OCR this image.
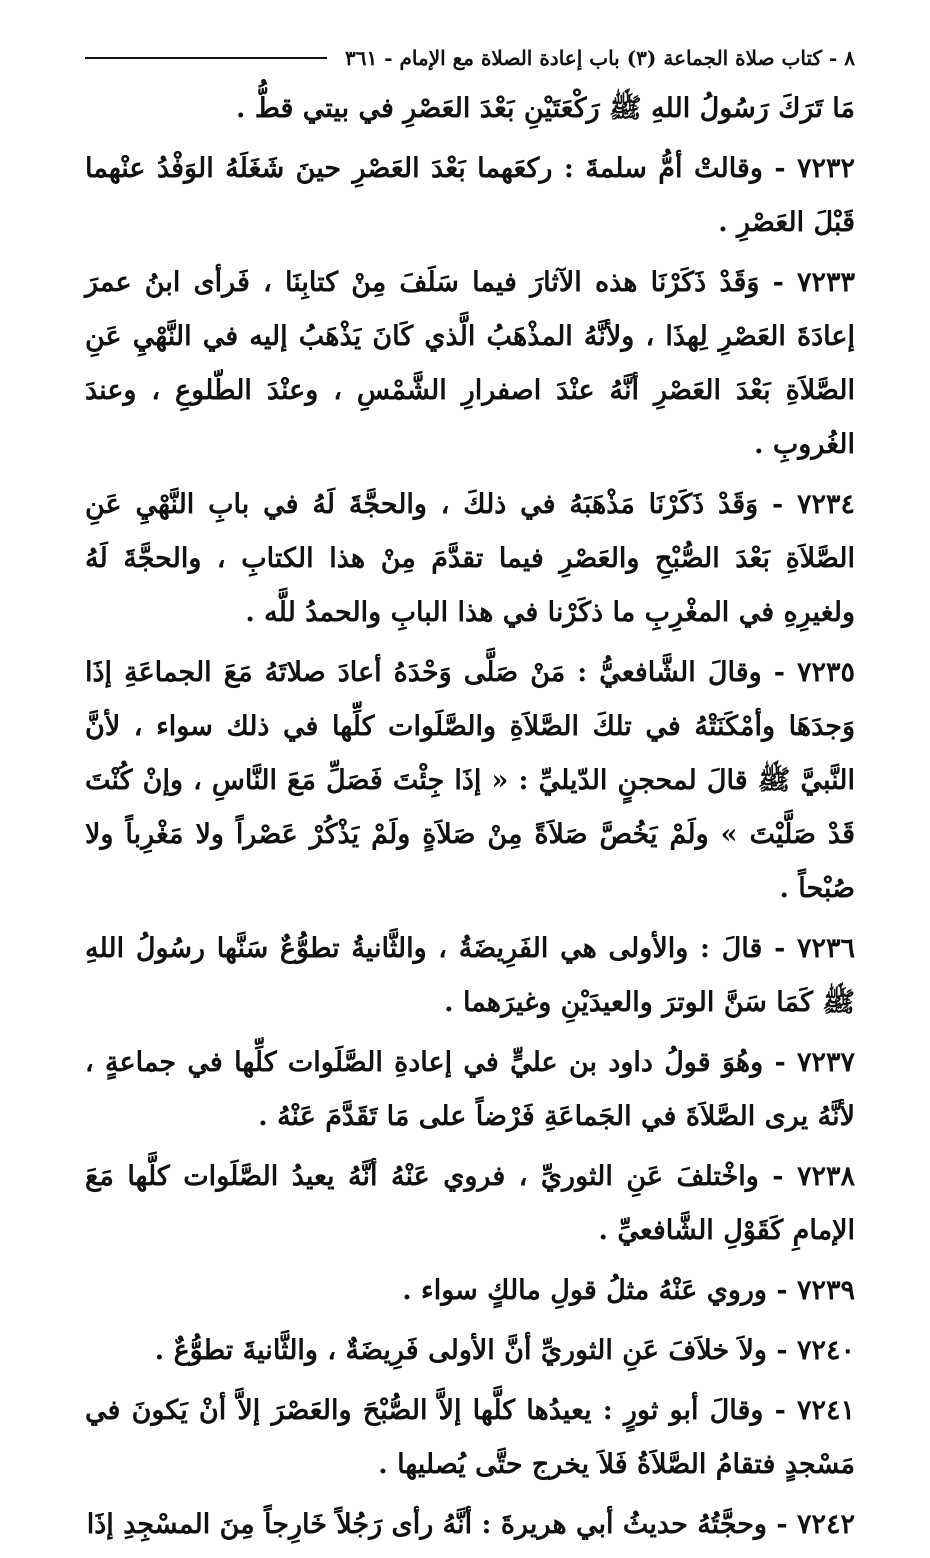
٨ - كتاب صلاة الجماعة (٣) باب إعادة الصلاة مع الإمام - ٣٦١

مَا تَرَكَ رَسُولُ اللهِ ﷺ رَكْعَتَيْنِ بَعْدَ العَصْرِ في بيتي قطُّ .

٧٢٣٢ - وقالتْ أمُّ سلمةَ : ركعَهما بَعْدَ العَصْرِ حينَ شَغَلَهُ الوَفْدُ عنْهما قَبْلَ العَصْرِ .

٧٢٣٣ - وَقَدْ ذَكَرْنَا هذه الآثارَ فيما سَلَفَ مِنْ كتابِنَا ، فَرأى ابنُ عمرَ إعادَةَ العَصْرِ لِهذَا ، ولأنَّهُ المذْهَبُ الَّذي كَانَ يَذْهَبُ إليه في النَّهْيِ عَنِ الصَّلاَةِ بَعْدَ العَصْرِ أنَّهُ عنْدَ اصفرارِ الشَّمْسِ ، وعنْدَ الطّلوعِ ، وعندَ الغُروبِ .

٧٢٣٤ - وَقَدْ ذَكَرْنَا مَذْهَبَهُ في ذلكَ ، والحجَّةَ لَهُ في بابِ النَّهْيِ عَنِ الصَّلاَةِ بَعْدَ الصُّبْحِ والعَصْرِ فيما تقدَّمَ مِنْ هذا الكتابِ ، والحجَّةَ لَهُ ولغيرِهِ في المغْرِبِ ما ذكَرْنا في هذا البابِ والحمدُ للَّه .

٧٢٣٥ - وقالَ الشَّافعيُّ : مَنْ صَلَّى وَحْدَهُ أعادَ صلاتَهُ مَعَ الجماعَةِ إذَا وَجدَهَا وأمْكَنَتْهُ في تلكَ الصَّلاَةِ والصَّلَوات كلِّها في ذلك سواء ، لأنَّ النَّبيَّ ﷺ قالَ لمحجنٍ الدّيليِّ : « إذَا جِئْتَ فَصَلِّ مَعَ النَّاسِ ، وإنْ كُنْتَ قَدْ صَلَّيْتَ » ولَمْ يَخُصَّ صَلاَةً مِنْ صَلاَةٍ ولَمْ يَذْكُرْ عَصْراً ولا مَغْرِباً ولا صُبْحاً .

٧٢٣٦ - قالَ : والأولى هي الفَرِيضَةُ ، والثَّانيةُ تطوُّعٌ سَنَّها رسُولُ اللهِ ﷺ كَمَا سَنَّ الوترَ والعيدَيْنِ وغيرَهما .

٧٢٣٧ - وهُوَ قولُ داود بن عليٍّ في إعادةِ الصَّلَوات كلِّها في جماعةٍ ، لأنَّهُ يرى الصَّلاَةَ في الجَماعَةِ فَرْضاً على مَا تَقَدَّمَ عَنْهُ .

٧٢٣٨ - واخْتلفَ عَنِ الثوريِّ ، فروي عَنْهُ أنَّهُ يعيدُ الصَّلَوات كلَّها مَعَ الإمامِ كَقَوْلِ الشَّافعيِّ .

٧٢٣٩ - وروي عَنْهُ مثلُ قولِ مالكٍ سواء .

٧٢٤٠ - ولاَ خلاَفَ عَنِ الثوريِّ أنَّ الأولى فَرِيضَةٌ ، والثَّانيةَ تطوُّعٌ .

٧٢٤١ - وقالَ أبو ثورٍ : يعيدُها كلَّها إلاَّ الصُّبْحَ والعَصْرَ إلاَّ أنْ يَكونَ في مَسْجدٍ فتقامُ الصَّلاَةُ فَلاَ يخرج حتَّى يُصليها .

٧٢٤٢ - وحجَّتُهُ حديثُ أبي هريرةَ : أنَّهُ رأى رَجُلاً خَارِجاً مِنَ المسْجِدِ إذَا
